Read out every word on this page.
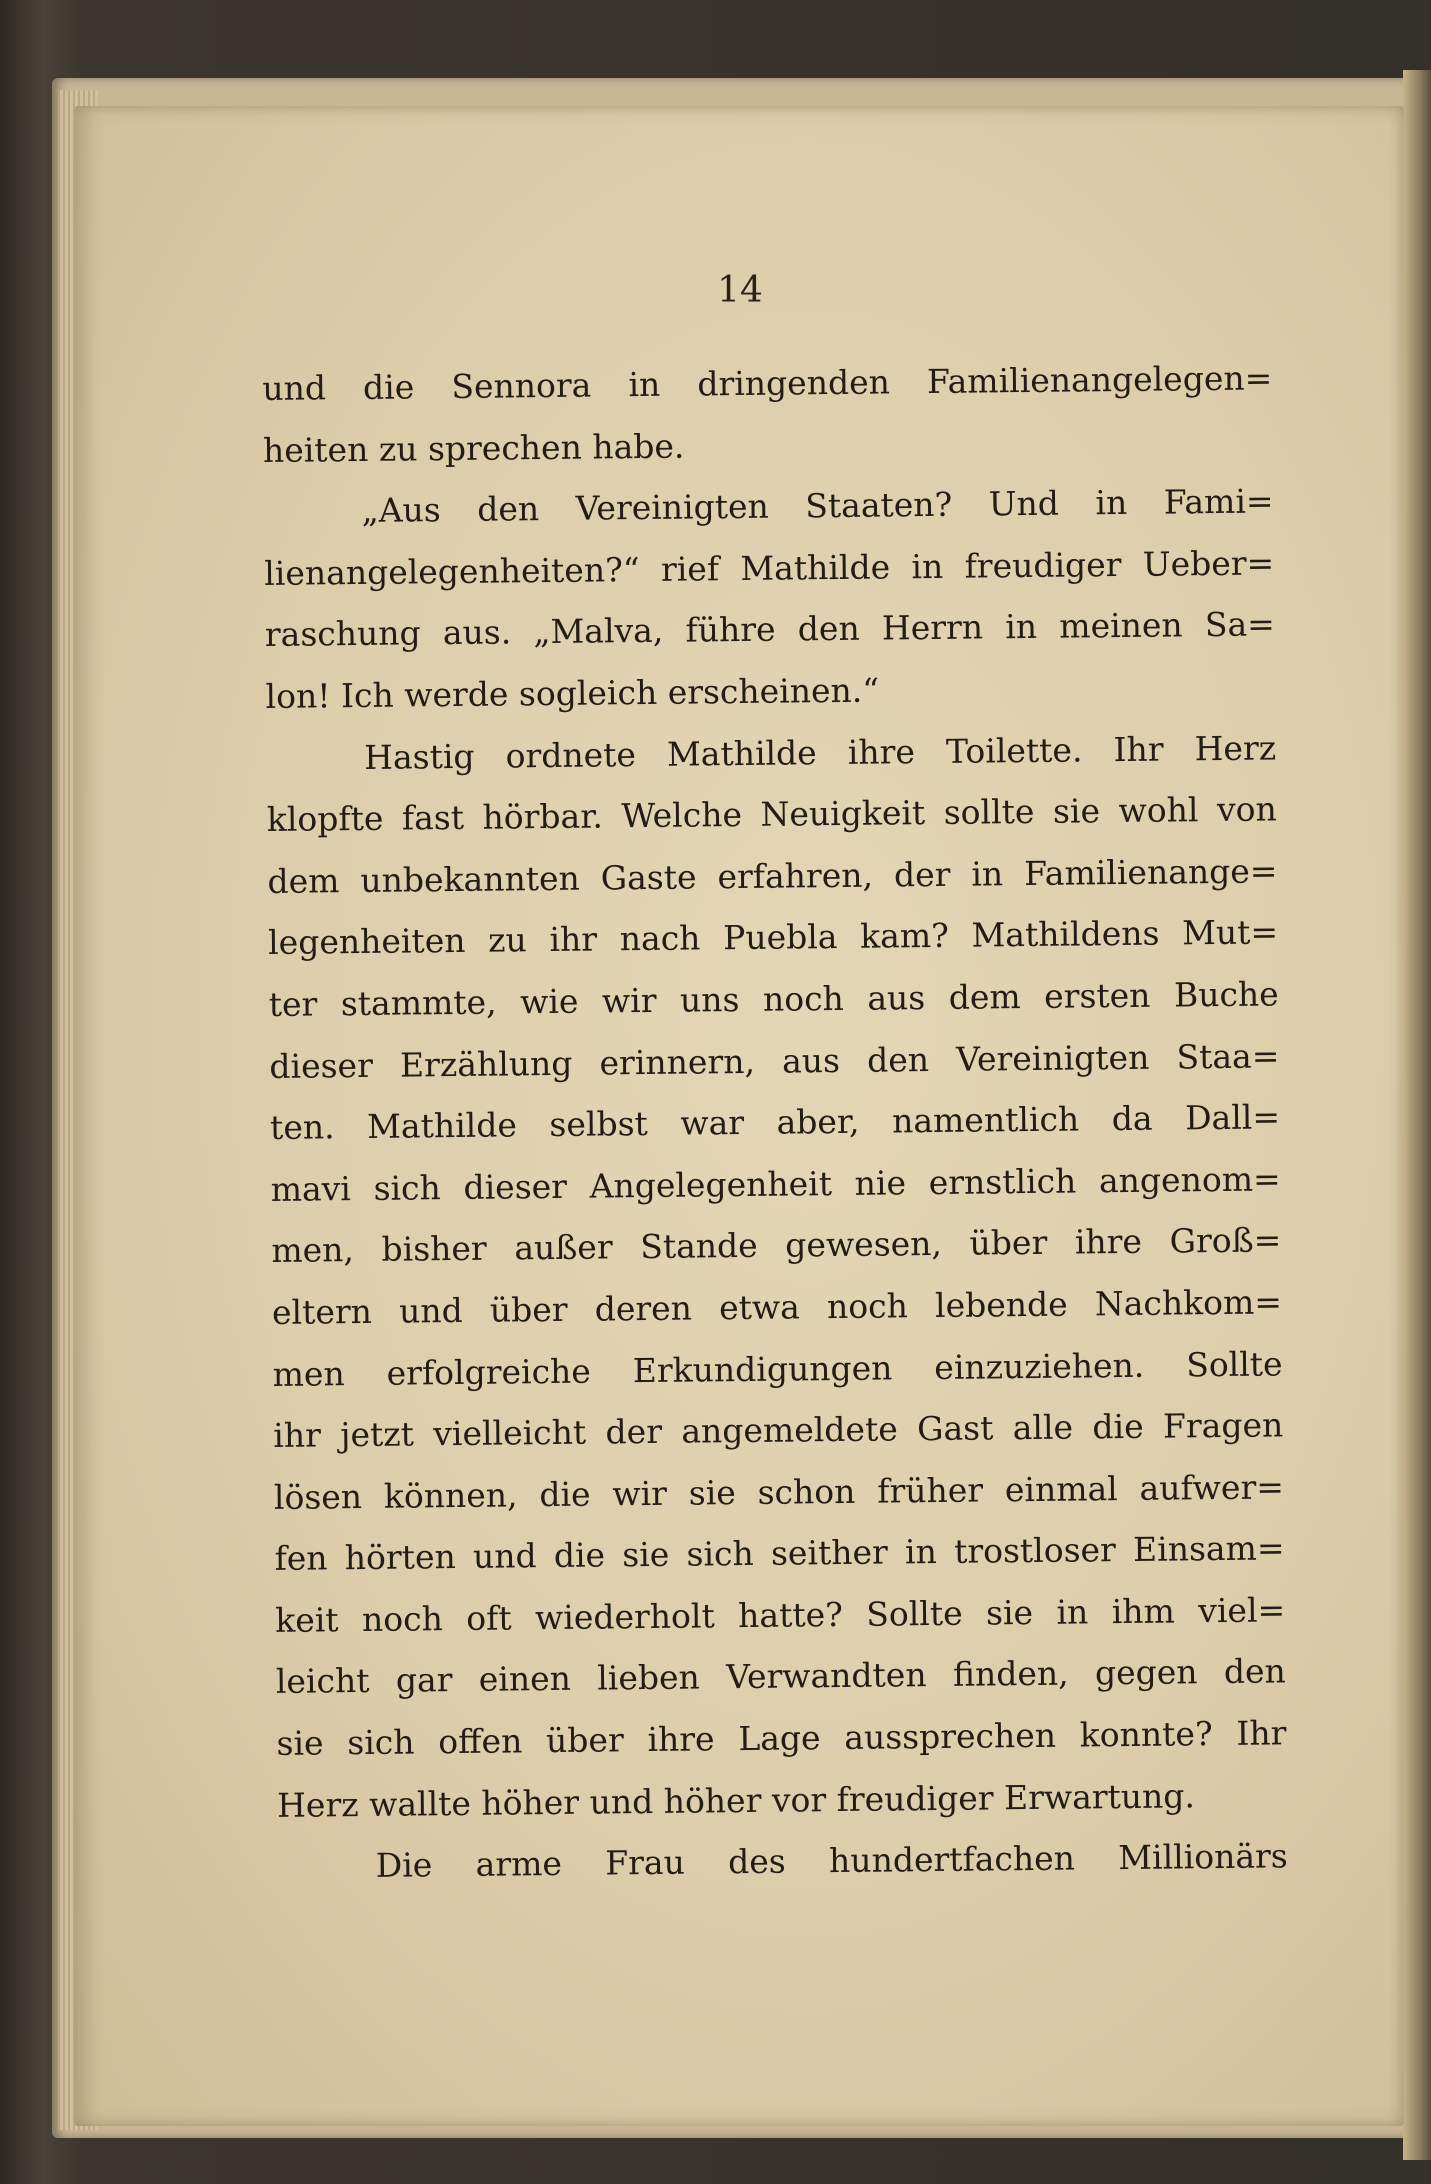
14
und die Sennora in dringenden Familienangelegen=
heiten zu sprechen habe.
„Aus den Vereinigten Staaten? Und in Fami=
lienangelegenheiten?“ rief Mathilde in freudiger Ueber=
raschung aus. „Malva, führe den Herrn in meinen Sa=
lon! Ich werde sogleich erscheinen.“
Hastig ordnete Mathilde ihre Toilette. Ihr Herz
klopfte fast hörbar. Welche Neuigkeit sollte sie wohl von
dem unbekannten Gaste erfahren, der in Familienange=
legenheiten zu ihr nach Puebla kam? Mathildens Mut=
ter stammte, wie wir uns noch aus dem ersten Buche
dieser Erzählung erinnern, aus den Vereinigten Staa=
ten. Mathilde selbst war aber, namentlich da Dall=
mavi sich dieser Angelegenheit nie ernstlich angenom=
men, bisher außer Stande gewesen, über ihre Groß=
eltern und über deren etwa noch lebende Nachkom=
men erfolgreiche Erkundigungen einzuziehen. Sollte
ihr jetzt vielleicht der angemeldete Gast alle die Fragen
lösen können, die wir sie schon früher einmal aufwer=
fen hörten und die sie sich seither in trostloser Einsam=
keit noch oft wiederholt hatte? Sollte sie in ihm viel=
leicht gar einen lieben Verwandten finden, gegen den
sie sich offen über ihre Lage aussprechen konnte? Ihr
Herz wallte höher und höher vor freudiger Erwartung.
Die arme Frau des hundertfachen Millionärs
